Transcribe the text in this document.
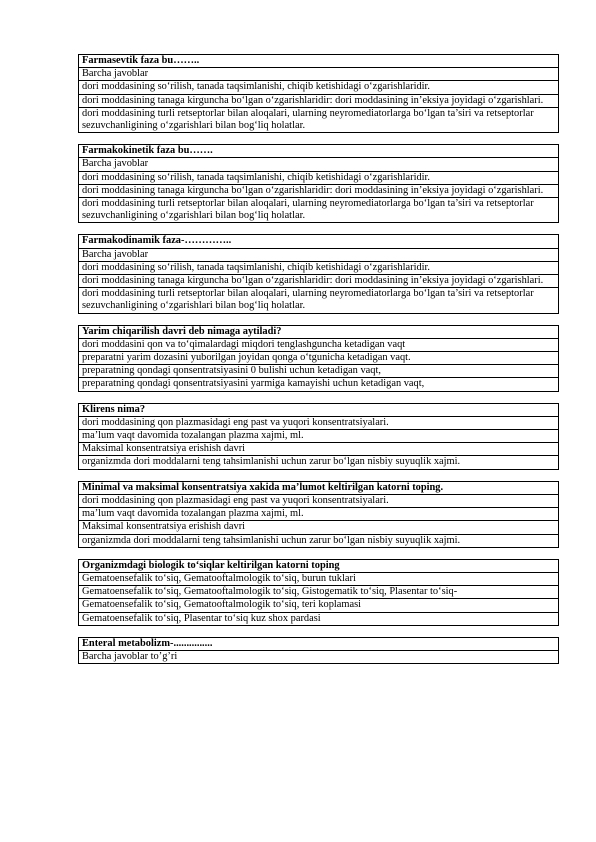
Farmasevtik faza bu……..
Barcha javoblar
dori moddasining so‘rilish, tanada taqsimlanishi, chiqib ketishidagi o‘zgarishlaridir.
dori moddasining tanaga kirguncha bo‘lgan o‘zgarishlaridir: dori moddasining in’eksiya joyidagi o‘zgarishlari.
dori moddasining turli retseptorlar bilan aloqalari, ularning neyromediatorlarga bo‘lgan ta’siri va retseptorlar sezuvchanligining o‘zgarishlari bilan bog‘liq holatlar.
Farmakokinetik faza bu…….
Barcha javoblar
dori moddasining so‘rilish, tanada taqsimlanishi, chiqib ketishidagi o‘zgarishlaridir.
dori moddasining tanaga kirguncha bo‘lgan o‘zgarishlaridir: dori moddasining in’eksiya joyidagi o‘zgarishlari.
dori moddasining turli retseptorlar bilan aloqalari, ularning neyromediatorlarga bo‘lgan ta’siri va retseptorlar sezuvchanligining o‘zgarishlari bilan bog‘liq holatlar.
Farmakodinamik faza-…………..
Barcha javoblar
dori moddasining so‘rilish, tanada taqsimlanishi, chiqib ketishidagi o‘zgarishlaridir.
dori moddasining tanaga kirguncha bo‘lgan o‘zgarishlaridir: dori moddasining in’eksiya joyidagi o‘zgarishlari.
dori moddasining turli retseptorlar bilan aloqalari, ularning neyromediatorlarga bo‘lgan ta’siri va retseptorlar sezuvchanligining o‘zgarishlari bilan bog‘liq holatlar.
Yarim chiqarilish davri deb nimaga aytiladi?
dori moddasini qon va to‘qimalardagi miqdori tenglashguncha ketadigan vaqt
preparatni yarim dozasini yuborilgan joyidan qonga o‘tgunicha ketadigan vaqt.
preparatning qondagi qonsentratsiyasini 0 bulishi uchun ketadigan vaqt,
preparatning qondagi qonsentratsiyasini yarmiga kamayishi uchun ketadigan vaqt,
Klirens nima?
dori moddasining qon plazmasidagi eng past va yuqori konsentratsiyalari.
ma’lum vaqt davomida tozalangan plazma xajmi, ml.
Maksimal konsentratsiya erishish davri
organizmda dori moddalarni teng tahsimlanishi uchun zarur bo‘lgan nisbiy suyuqlik xajmi.
Minimal va maksimal konsentratsiya xakida ma’lumot keltirilgan katorni toping.
dori moddasining qon plazmasidagi eng past va yuqori konsentratsiyalari.
ma’lum vaqt davomida tozalangan plazma xajmi, ml.
Maksimal konsentratsiya erishish davri
organizmda dori moddalarni teng tahsimlanishi uchun zarur bo‘lgan nisbiy suyuqlik xajmi.
Organizmdagi biologik to‘siqlar keltirilgan katorni toping
Gematoensefalik to‘siq, Gematooftalmologik to‘siq, burun tuklari
Gematoensefalik to‘siq, Gematooftalmologik to‘siq, Gistogematik to‘siq, Plasentar to‘siq-
Gematoensefalik to‘siq, Gematooftalmologik to‘siq, teri koplamasi
Gematoensefalik to‘siq, Plasentar to‘siq kuz shox pardasi
Enteral metabolizm-...............
Barcha javoblar to’g’ri
